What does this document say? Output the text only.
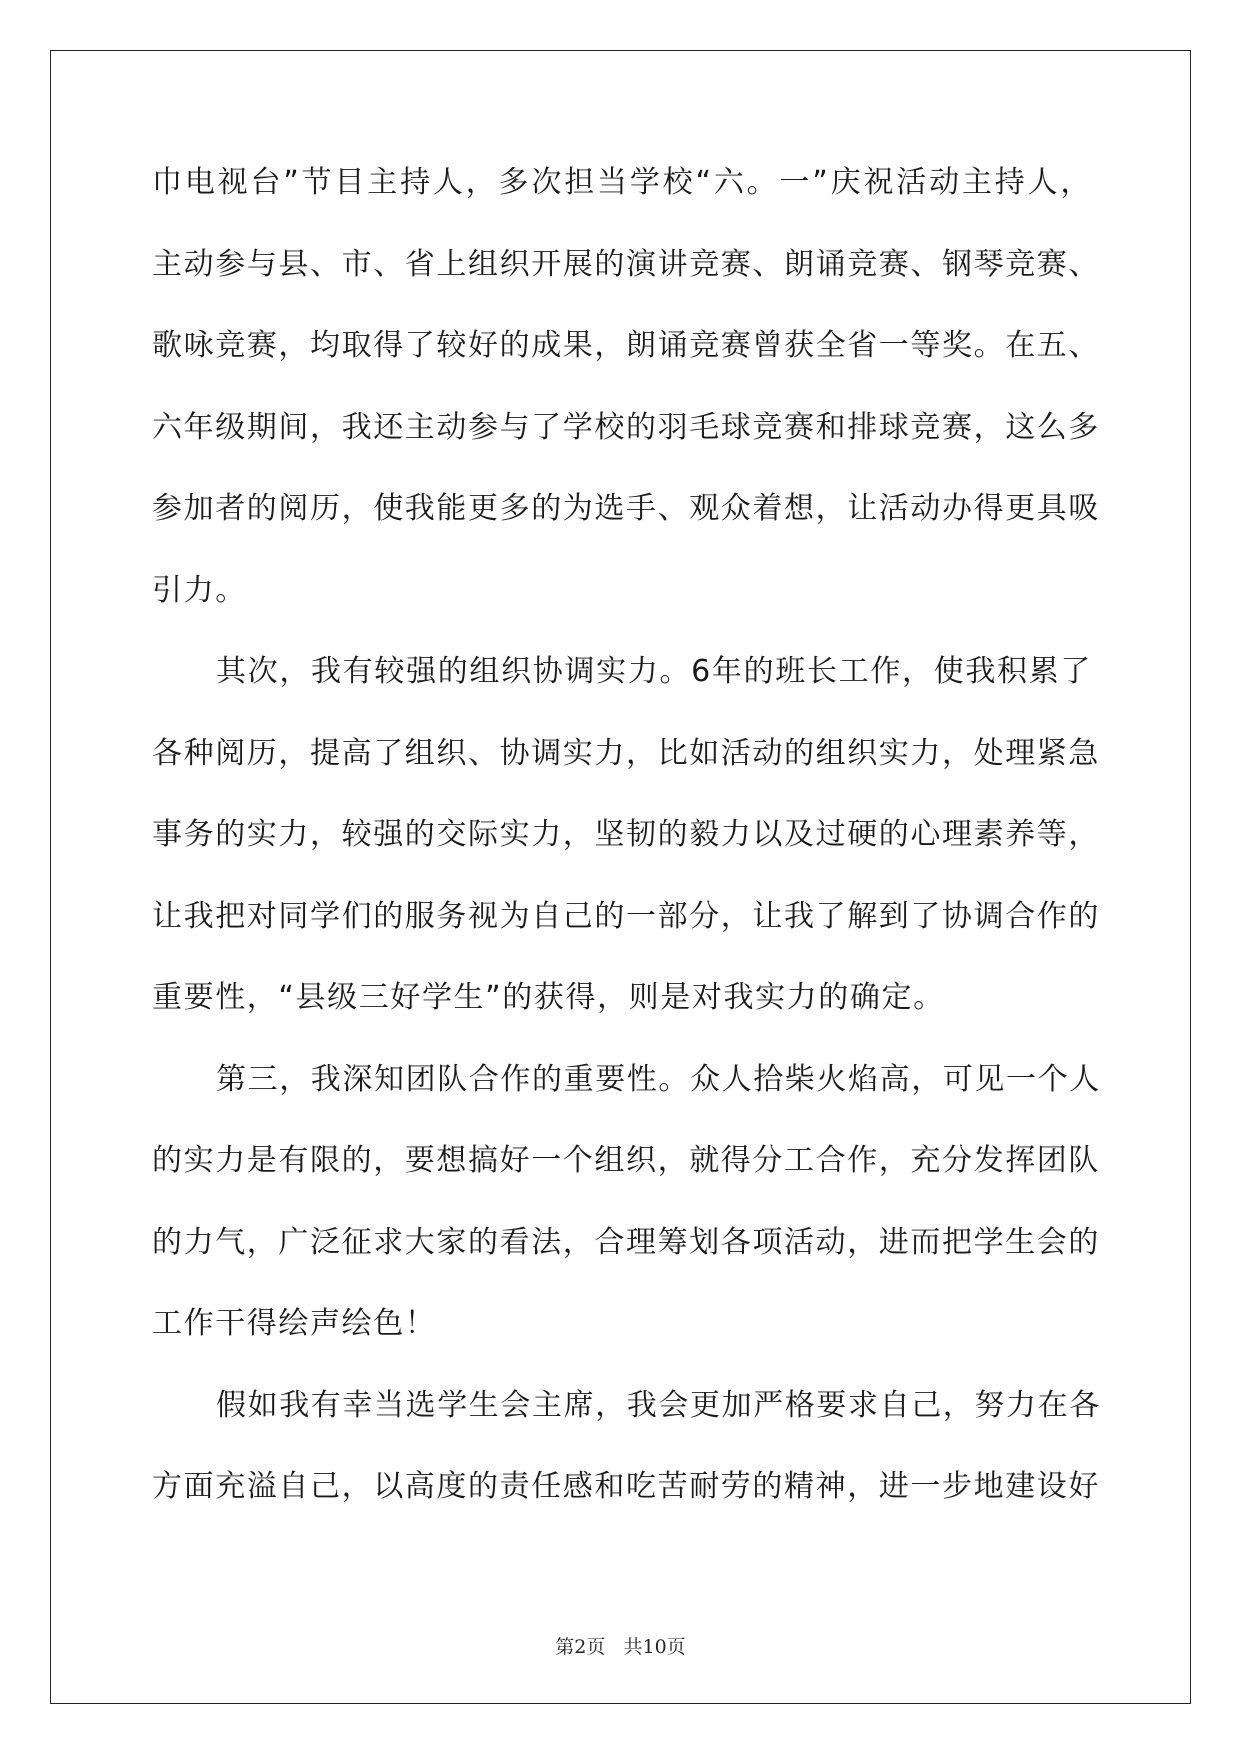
巾电视台”节目主持人，多次担当学校“六。一”庆祝活动主持人，
主动参与县、市、省上组织开展的演讲竞赛、朗诵竞赛、钢琴竞赛、
歌咏竞赛，均取得了较好的成果，朗诵竞赛曾获全省一等奖。在五、
六年级期间，我还主动参与了学校的羽毛球竞赛和排球竞赛，这么多
参加者的阅历，使我能更多的为选手、观众着想，让活动办得更具吸
引力。
其次，我有较强的组织协调实力。6年的班长工作，使我积累了
各种阅历，提高了组织、协调实力，比如活动的组织实力，处理紧急
事务的实力，较强的交际实力，坚韧的毅力以及过硬的心理素养等，
让我把对同学们的服务视为自己的一部分，让我了解到了协调合作的
重要性，“县级三好学生”的获得，则是对我实力的确定。
第三，我深知团队合作的重要性。众人拾柴火焰高，可见一个人
的实力是有限的，要想搞好一个组织，就得分工合作，充分发挥团队
的力气，广泛征求大家的看法，合理筹划各项活动，进而把学生会的
工作干得绘声绘色！
假如我有幸当选学生会主席，我会更加严格要求自己，努力在各
方面充溢自己，以高度的责任感和吃苦耐劳的精神，进一步地建设好
第2页   共10页
